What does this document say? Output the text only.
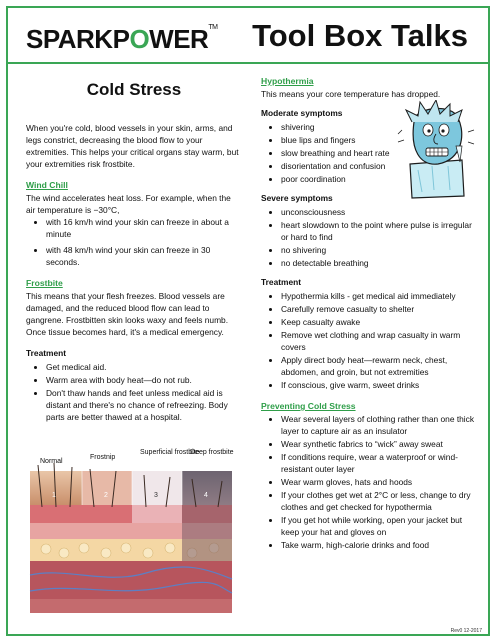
SPARKPOWER™ Tool Box Talks
Cold Stress

When you're cold, blood vessels in your skin, arms, and legs constrict, decreasing the blood flow to your extremities. This helps your critical organs stay warm, but your extremities risk frostbite.

Wind Chill

The wind accelerates heat loss. For example, when the air temperature is −30°C,

• with 16 km/h wind your skin can freeze in about a minute
• with 48 km/h wind your skin can freeze in 30 seconds.
Frostbite

This means that your flesh freezes. Blood vessels are damaged, and the reduced blood flow can lead to gangrene. Frostbitten skin looks waxy and feels numb. Once tissue becomes hard, it's a medical emergency.

Treatment
• Get medical aid.
• Warm area with body heat—do not rub.
• Don't thaw hands and feet unless medical aid is distant and there's no chance of refreezing. Body parts are better thawed at a hospital.
Normal
Frostnip
Superficial frostbite
Deep frostbite
1	2	3	4
Hypothermia

This means your core temperature has dropped.

Moderate symptoms
• shivering
• blue lips and fingers
• slow breathing and heart rate
• disorientation and confusion
• poor coordination
Severe symptoms
• unconsciousness
• heart slowdown to the point where pulse is irregular or hard to find
• no shivering
• no detectable breathing
Treatment
• Hypothermia kills - get medical aid immediately
• Carefully remove casualty to shelter
• Keep casualty awake
• Remove wet clothing and wrap casualty in warm covers
• Apply direct body heat—rewarm neck, chest, abdomen, and groin, but not extremities
• If conscious, give warm, sweet drinks
Preventing Cold Stress
• Wear several layers of clothing rather than one thick layer to capture air as an insulator
• Wear synthetic fabrics to “wick” away sweat
• If conditions require, wear a waterproof or wind-resistant outer layer
• Wear warm gloves, hats and hoods
• If your clothes get wet at 2°C or less, change to dry clothes and get checked for hypothermia
• If you get hot while working, open your jacket but keep your hat and gloves on
• Take warm, high-calorie drinks and food
Rev0 12-2017
